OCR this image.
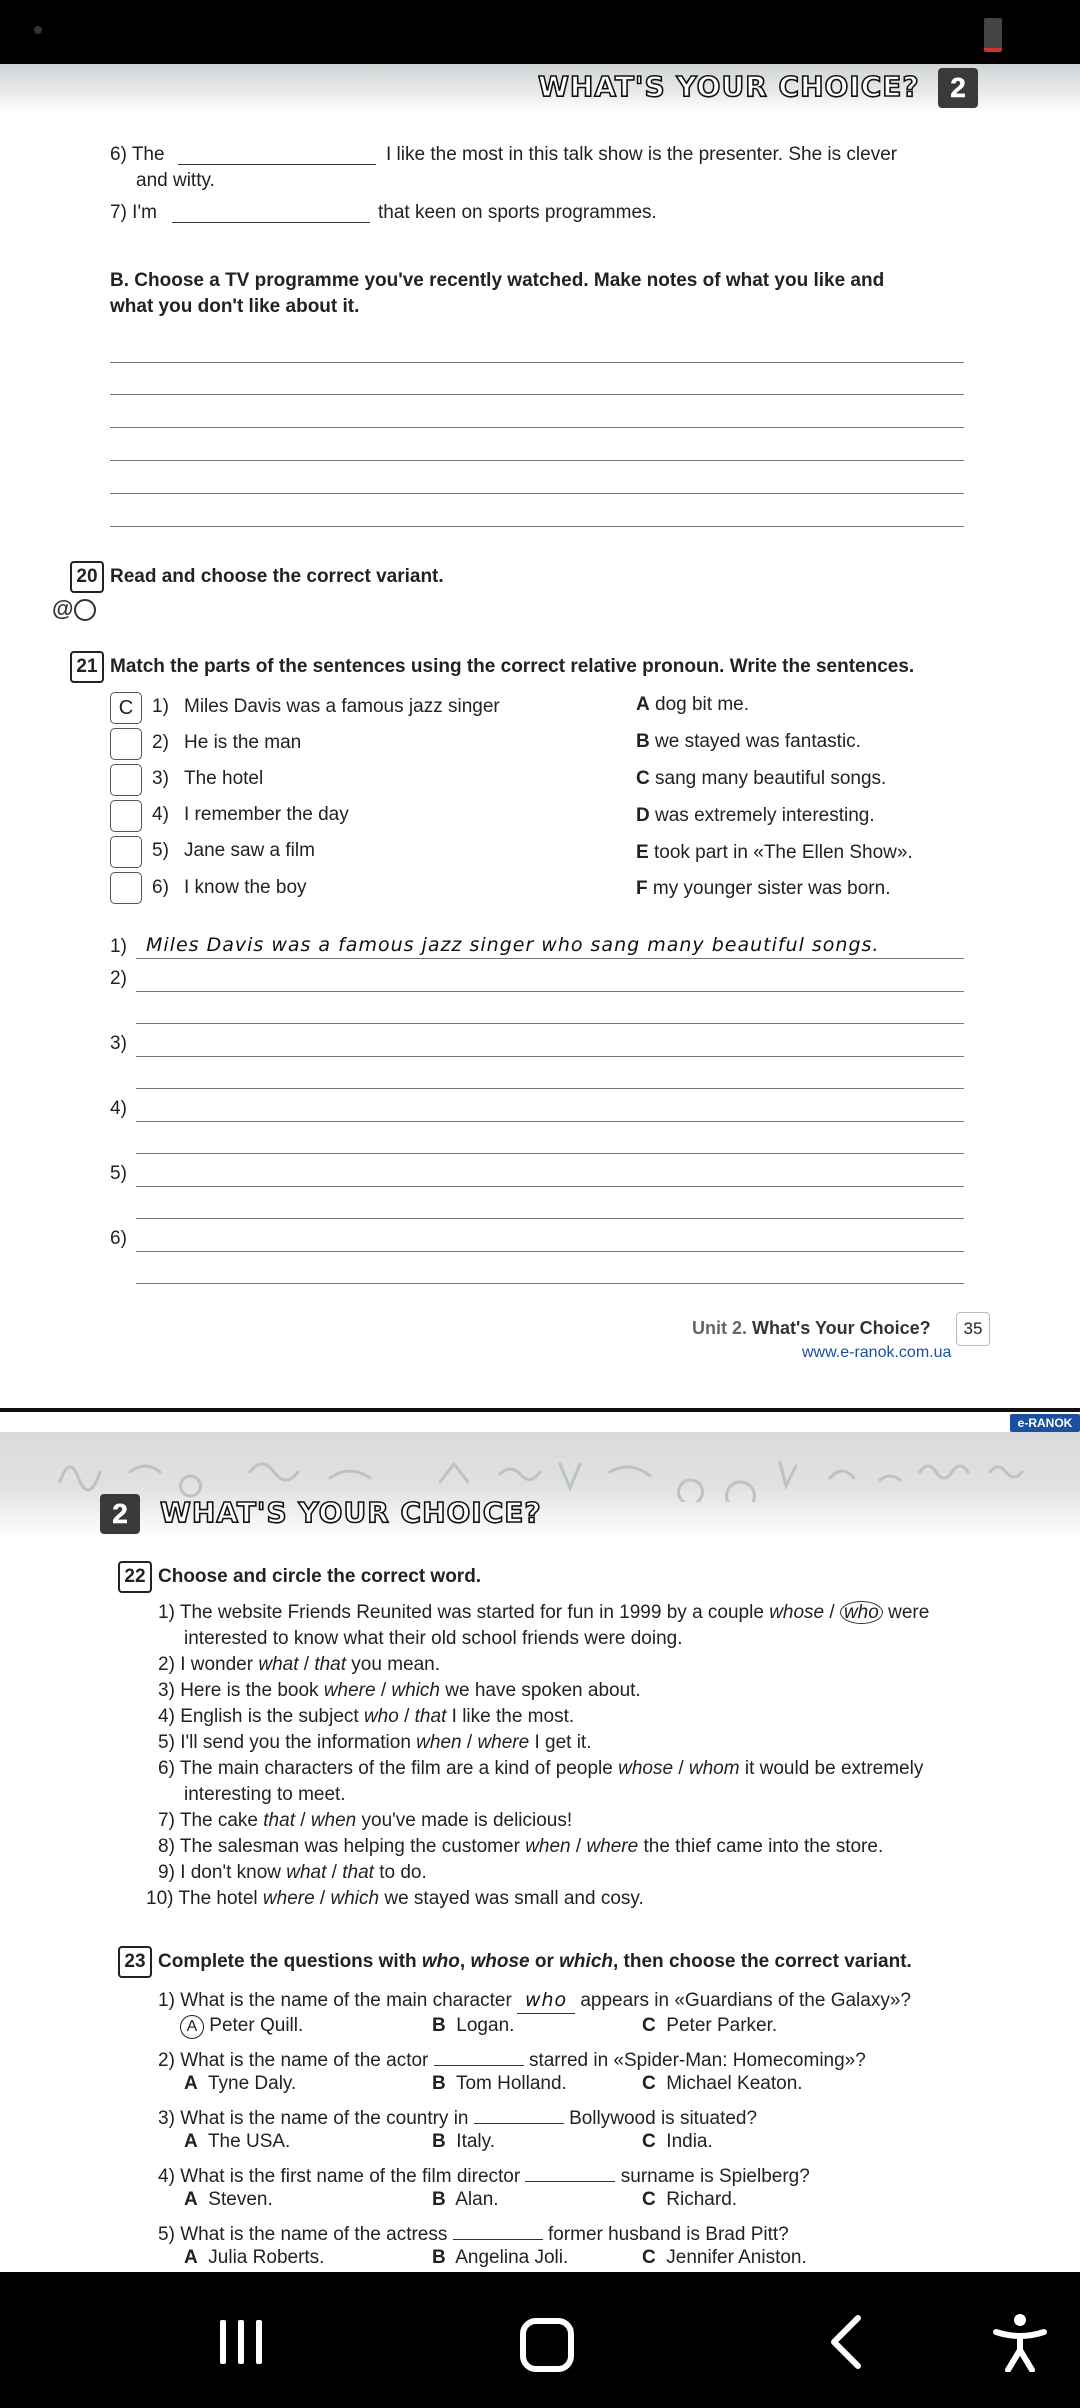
WHAT'S YOUR CHOICE?	2
6) The	I like the most in this talk show is the presenter. She is clever
and witty.
7) I'm	that keen on sports programmes.
B. Choose a TV programme you've recently watched. Make notes of what you like and
what you don't like about it.
20 Read and choose the correct variant.
@
21 Match the parts of the sentences using the correct relative pronoun. Write the sentences.
C 1) Miles Davis was a famous jazz singer	A dog bit me.
2) He is the man	B we stayed was fantastic.
3) The hotel	C sang many beautiful songs.
4) I remember the day	D was extremely interesting.
5) Jane saw a film	E took part in «The Ellen Show».
6) I know the boy	F my younger sister was born.
1) Miles Davis was a famous jazz singer who sang many beautiful songs.
2)
3)
4)
5)
6)
Unit 2. What's Your Choice?	35
www.e-ranok.com.ua
e-RANOK
2	WHAT'S YOUR CHOICE?
22 Choose and circle the correct word.
1) The website Friends Reunited was started for fun in 1999 by a couple whose / who were
interested to know what their old school friends were doing.
2) I wonder what / that you mean.
3) Here is the book where / which we have spoken about.
4) English is the subject who / that I like the most.
5) I'll send you the information when / where I get it.
6) The main characters of the film are a kind of people whose / whom it would be extremely
interesting to meet.
7) The cake that / when you've made is delicious!
8) The salesman was helping the customer when / where the thief came into the store.
9) I don't know what / that to do.
10) The hotel where / which we stayed was small and cosy.
23 Complete the questions with who, whose or which, then choose the correct variant.
1) What is the name of the main character who appears in «Guardians of the Galaxy»?
A Peter Quill.	B Logan.	C Peter Parker.
2) What is the name of the actor	starred in «Spider-Man: Homecoming»?
A Tyne Daly.	B Tom Holland.	C Michael Keaton.
3) What is the name of the country in	Bollywood is situated?
A The USA.	B Italy.	C India.
4) What is the first name of the film director	surname is Spielberg?
A Steven.	B Alan.	C Richard.
5) What is the name of the actress	former husband is Brad Pitt?
A Julia Roberts.	B Angelina Joli.	C Jennifer Aniston.
